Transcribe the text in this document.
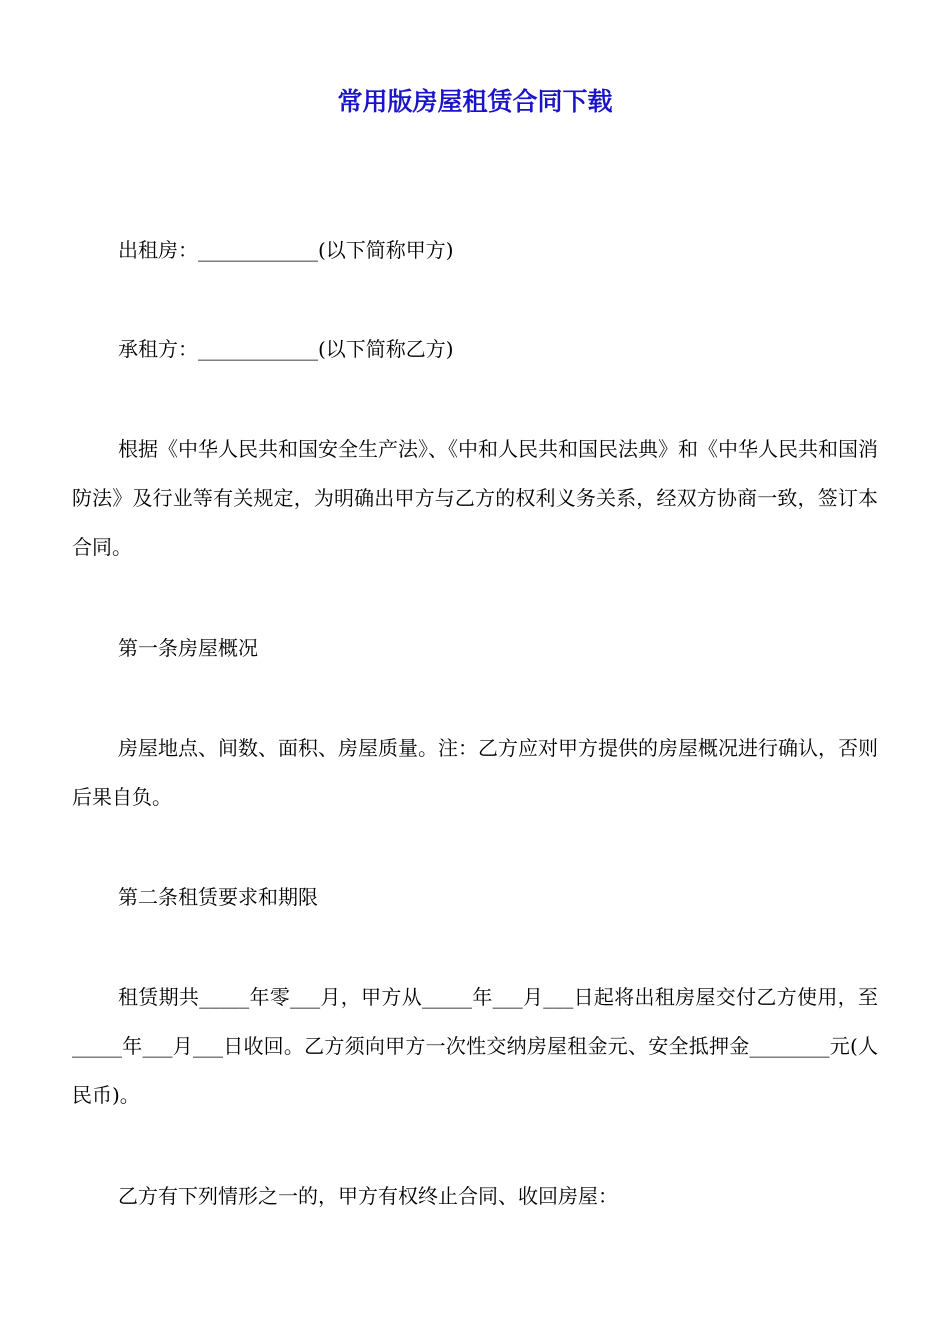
常用版房屋租赁合同下载

出租房：____________(以下简称甲方)

承租方：____________(以下简称乙方)

根据《中华人民共和国安全生产法》、《中和人民共和国民法典》和《中华人民共和国消防法》及行业等有关规定，为明确出甲方与乙方的权利义务关系，经双方协商一致，签订本合同。

第一条房屋概况

房屋地点、间数、面积、房屋质量。注：乙方应对甲方提供的房屋概况进行确认，否则后果自负。

第二条租赁要求和期限

租赁期共_____年零___月，甲方从_____年___月___日起将出租房屋交付乙方使用，至_____年___月___日收回。乙方须向甲方一次性交纳房屋租金元、安全抵押金________元(人民币)。

乙方有下列情形之一的，甲方有权终止合同、收回房屋：
